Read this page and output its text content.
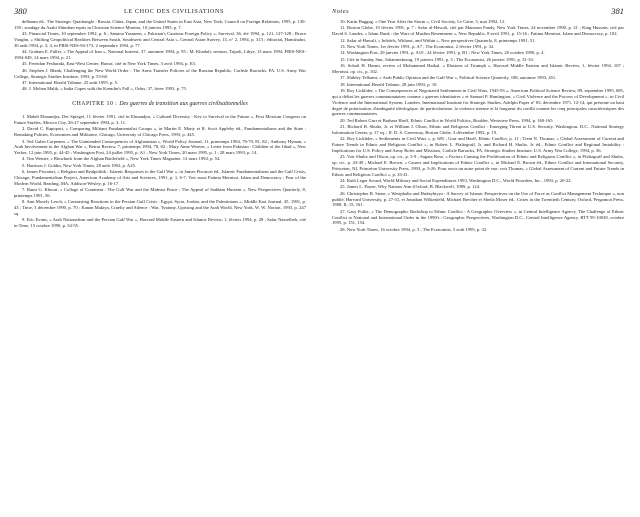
380	LE CHOC DES CIVILISATIONS

delbaum éd., The Strategic Quadrangle : Russia, China, Japan, and the United States in East Asia, New York, Council on Foreign Relations, 1995, p. 130-139 ; sondage du Asahi Shimbun repris in Christian Science Monitor, 10 janvier 1995, p. 7.

43. Financial Times, 10 septembre 1992, p. 6 ; Samina Yasmeen, « Pakistan's Cautious Foreign Policy », Survival, 36, été 1994, p. 121, 127-128 ; Bruce Vaughn, « Shifting Geopolitical Realities Between South, Southwest and Central Asia », Central Asian Survey, 13, n° 2, 1994, p. 313 ; éditorial, Hamshahri, 30 août 1994, p. 3, 4, in FBIS-NES-94-173, 2 septembre 1994, p. 77.

44. Graham E. Fuller, « The Appeal of Iran », National Interest, 37, automne 1994, p. 95 ; M. Khadafi, sermon, Tripoli, Libye, 13 mars 1994, FBIS-NES-1994-049, 14 mars 1994, p. 21.

45. Fereidun Fesharaki, East-West Center, Hawaï, cité in New York Times, 3 avril 1994, p. E3.

46. Stephen J. Blank, Challenging the New World Order : The Arms Transfer Policies of the Russian Republic, Carlisle Barracks, PA, U.S. Army War College, Strategic Studies Institute, 1993, p. 53-60.

47. International Herald Tribune, 25 août 1995, p. 5.

48. J. Mohan Malik, « India Copes with the Kremlin's Fall », Orbis, 37, hiver 1993, p. 75.

CHAPITRE 10 : Des guerres de transition aux guerres civilisationnelles

1. Mahdi Elmandjra, Der Spiegel, 11 février 1991, cité in Elmandjra, « Cultural Diversity : Key to Survival in the Future », First Mexican Congress on Future Studies, Mexico City, 26-27 septembre 1994, p. 3, 11.

2. David C. Rapoport, « Comparing Militant Fundamentalist Groups », in Martin E. Marty et R. Scott Appleby éd., Fundamentalisms and the State : Remaking Polities, Economies and Militance, Chicago, University of Chicago Press, 1993, p. 445.

3. Ted Galen Carpenter, « The Unintended Consequences of Afghanistan », World Policy Journal, 11, printemps 1994, 78-79, 81, 82 ; Anthony Hyman, « Arab Involvement in the Afghan War », Beirut Review, 7, printemps 1994, 78, 82 ; Mary Anne Weaver, « Letter from Pakistan : Children of the Jihad », New Yorker, 12 juin 1995, p. 44-45 ; Washington Post, 24 juillet 1995, p. A1 ; New York Times, 20 mars 1995, p. 1 ; 28 mars 1993, p. 14.

4. Tim Weiner, « Blowback from the Afghan Battlefield », New York Times Magazine, 13 mars 1994, p. 54.

5. Harrison J. Goldin, New York Times, 28 août 1992, p. A25.

6. James Piscatori, « Religion and Realpolitik : Islamic Responses to the Gulf War », in James Piscatori éd., Islamic Fundamentalisms and the Gulf Crisis, Chicago, Fundamentalism Project, American Academy of Arts and Sciences, 1991, p. 1, 6-7. Voir aussi Fatima Mernissi, Islam and Democracy : Fear of the Modern World, Reading, MA, Addison-Wesley, p. 16-17.

7. Rami G. Khouri, « Collage of Comment : The Gulf War and the Mideast Peace ; The Appeal of Saddam Hussein », New Perspectives Quarterly, 8, printemps 1991, 56.

8. Ann Mosely Lesch, « Contrasting Reactions to the Persian Gulf Crisis : Egypt, Syria, Jordan, and the Palestinians », Middle East Journal, 45, 1991, p. 43 ; Time, 3 décembre 1990, p. 70 ; Kanan Makiya, Cruelty and Silence : War, Tyranny, Uprising and the Arab World, New York, W. W. Norton, 1993, p. 247 sq.

9. Eric Evans, « Arab Nationalism and the Persian Gulf War », Harvard Middle Eastern and Islamic Review, 1, février 1994, p. 28 ; Safar Nasselbeh, cité in Time, 15 octobre 1990, p. 54-55.

Notes	381

10. Karin Haggag, « One Year After the Storm », Civil Society, Le Caire, 5, mai 1992, 12.

11. Boston Globe, 19 février 1991, p. 7 ; Safar al-Hawali, cité par Mamoun Fandy, New York Times, 24 novembre 1990, p. 21 ; King Hussein, cité par David S. Landes, « Islam Dunk : the Wars of Muslim Resentment », New Republic, 8 avril 1991, p. 15-16 ; Fatima Mernissi, Islam and Democracy, p. 102.

12. Safar al-Hawali, « Infidels, Without, and Within », New perspectives Quarterly, 8, printemps 1991, 51.

13. New York Times, 1er février 1991, p. A7 ; The Economist, 2 février 1991, p. 32.

14. Washington Post, 29 janvier 1991, p. A10 ; 24 février 1991, p. B1 ; New York Times, 20 octobre 1990, p. 4.

15. Cité in Sunday Star, Johannesbourg, 19 janvier 1991, p. 3 ; The Economist, 26 janvier 1991, p. 31-33.

16. Sohail H. Hasmi, review of Mohammed Haikal, « Illusions of Triumph », Harvard Middle Eastern and Islamic Review, 1, février 1994, 107 ; Mernissi, op. cit., p. 102.

17. Shibley Telhami, « Arab Public Opinion and the Gulf War », Political Science Quarterly, 108, automne 1993, 451.

18. International Herald Tribune, 28 juin 1993, p. 10.

19. Roy Licklider, « The Consequences of Negotiated Settlements in Civil Wars, 1945-93 », American Political Science Review, 89, septembre 1995, 685, qui a défini les guerres communautaires comme « guerres identitaires » et Samuel P. Huntington, « Civil Violence and the Process of Development », in Civil Violence and the International System, Londres, International Institute for Strategic Studies, Adelphi Paper n° 83, décembre 1971, 12-14, qui présente un haut degré de polarisation, d'ambiguïté idéologique, de particularisme, la violence intense et la longueur du conflit comme les cinq principales caractéristiques des guerres communautaires.

20. Ted Robert Gurr et Barbara Harff, Ethnic Conflict in World Politics, Boulder, Westview Press, 1994, p. 160-165.

21. Richard H. Shultz, Jr. et William J. Olson, Ethnic and Religious Conflict : Emerging Threat to U.S. Security, Washington, D.C., National Strategy Information Center, p. 17 sq. ; II. D. S. Greenway, Boston Globe, 3 décembre 1992, p. 19.

22. Roy Licklider, « Settlements in Civil Wars », p. 685 ; Gurr and Harff, Ethnic Conflict, p. 11 ; Trent N. Thomas, « Global Assessment of Current and Future Trends in Ethnic and Religious Conflict », in Robert L. Pfaltzgraff, Jr. and Richard H. Shultz, Jr. éd., Ethnic Conflict and Regional Instability : Implications for U.S. Policy and Army Roles and Missions, Carlisle Barracks, PA, Strategic Studies Institute, U.S. Army War College, 1994, p. 36.

23. Voir Shultz and Olson, op. cit., p. 3-9 ; Sugata Bose, « Factors Causing the Proliferation of Ethnic and Religious Conflict », in Pfaltzgraff and Shultz, op. cit., p. 43-49 ; Michael E. Brown, « Causes and Implications of Ethnic Conflict », in Michael E. Brown éd., Ethnic Conflict and International Security, Princeton, NJ, Princeton University Press, 1993, p. 3-26. Pour avoir un autre point de vue, voir Thomas, « Global Assessment of Current and Future Trends in Ethnic and Religious Conflict », p. 33-41.

24. Ruth Leger Sivard, World Military and Social Expenditures 1993, Washington D.C., World Priorities, Inc., 1993, p. 20-22.

25. James L. Payne, Why Nations Arm (Oxford, B. Blackwell, 1989, p. 124.

26. Christopher B. Stone, « Westphalia and Hudaybiyya : A Survey of Islamic Perspectives on the Use of Force as Conflict Management Technique », non publié, Harvard University, p. 27-31, et Jonathan Wilkenfeld, Michael Brecher et Sheila Moser éd., Crises in the Twentieth Century, Oxford, Pergamon Press, 1988, II, 15, 161.

27. Gary Fuller, « The Demographic Backdrop to Ethnic Conflict : A Geographic Overview », in Central Intelligence Agency, The Challenge of Ethnic Conflict to National and International Order in the 1990's : Geographic Perspectives, Washington D.C., Central Intelligence Agency, RTT 95-10039, octobre 1995, p. 151, 154.

28. New York Times, 16 octobre 1994, p. 3 ; The Economist, 5 août 1995, p. 32.
